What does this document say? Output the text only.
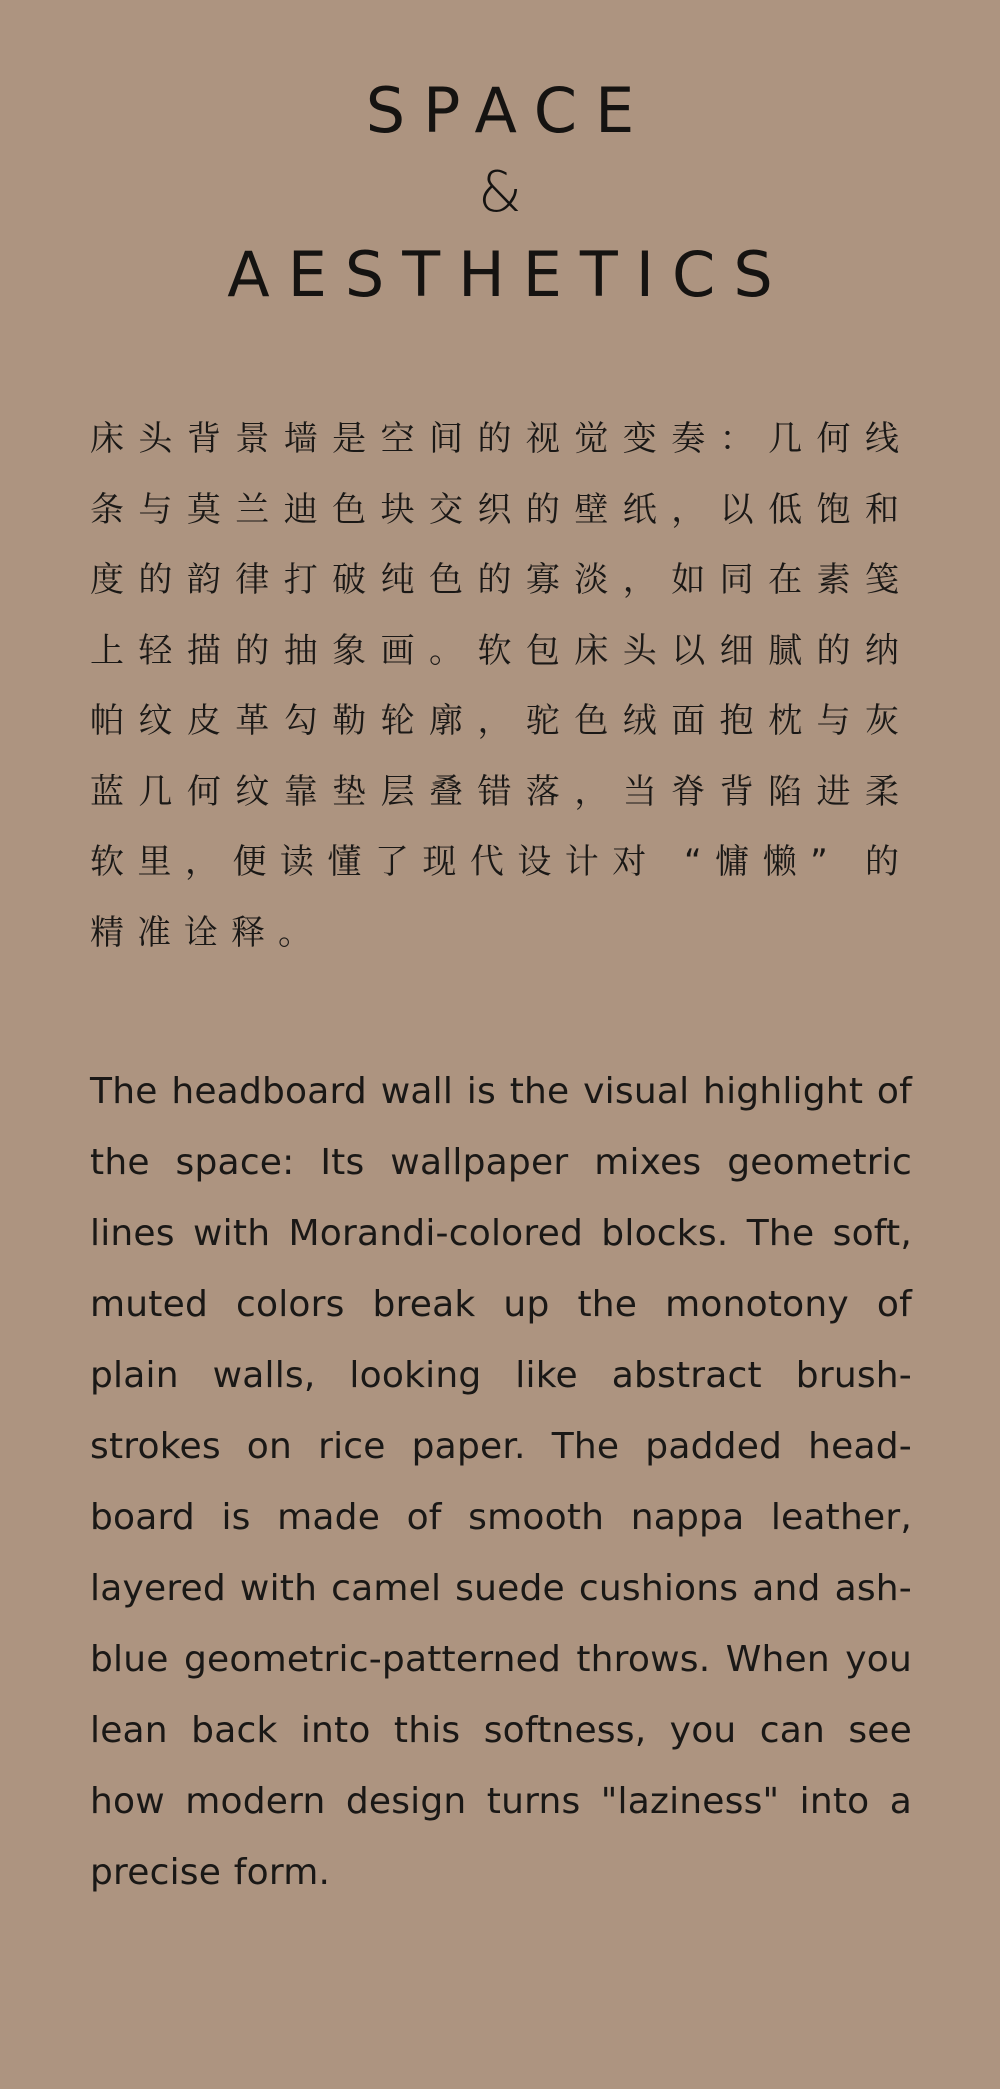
SPACE
&
AESTHETICS

床头背景墙是空间的视觉变奏：几何线条与莫兰迪色块交织的壁纸，以低饱和度的韵律打破纯色的寡淡，如同在素笺上轻描的抽象画。软包床头以细腻的纳帕纹皮革勾勒轮廓，驼色绒面抱枕与灰蓝几何纹靠垫层叠错落，当脊背陷进柔软里，便读懂了现代设计对 “慵懒” 的精准诠释。

The headboard wall is the visual highlight of the space: Its wallpaper mixes geometric lines with Morandi-colored blocks. The soft, muted colors break up the monotony of plain walls, looking like abstract brush-strokes on rice paper. The padded head-board is made of smooth nappa leather, layered with camel suede cushions and ash-blue geometric-patterned throws. When you lean back into this softness, you can see how modern design turns "laziness" into a precise form.
